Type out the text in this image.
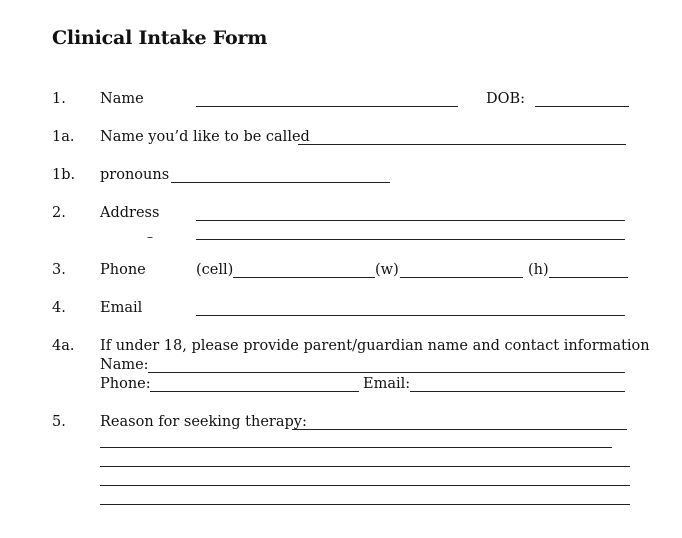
Clinical Intake Form
1. Name	DOB:
1a. Name you’d like to be called
1b. pronouns
2. Address
–
3. Phone	(cell)	(w)	(h)
4. Email
4a. If under 18, please provide parent/guardian name and contact information
Name:
Phone:	Email:
5. Reason for seeking therapy:
